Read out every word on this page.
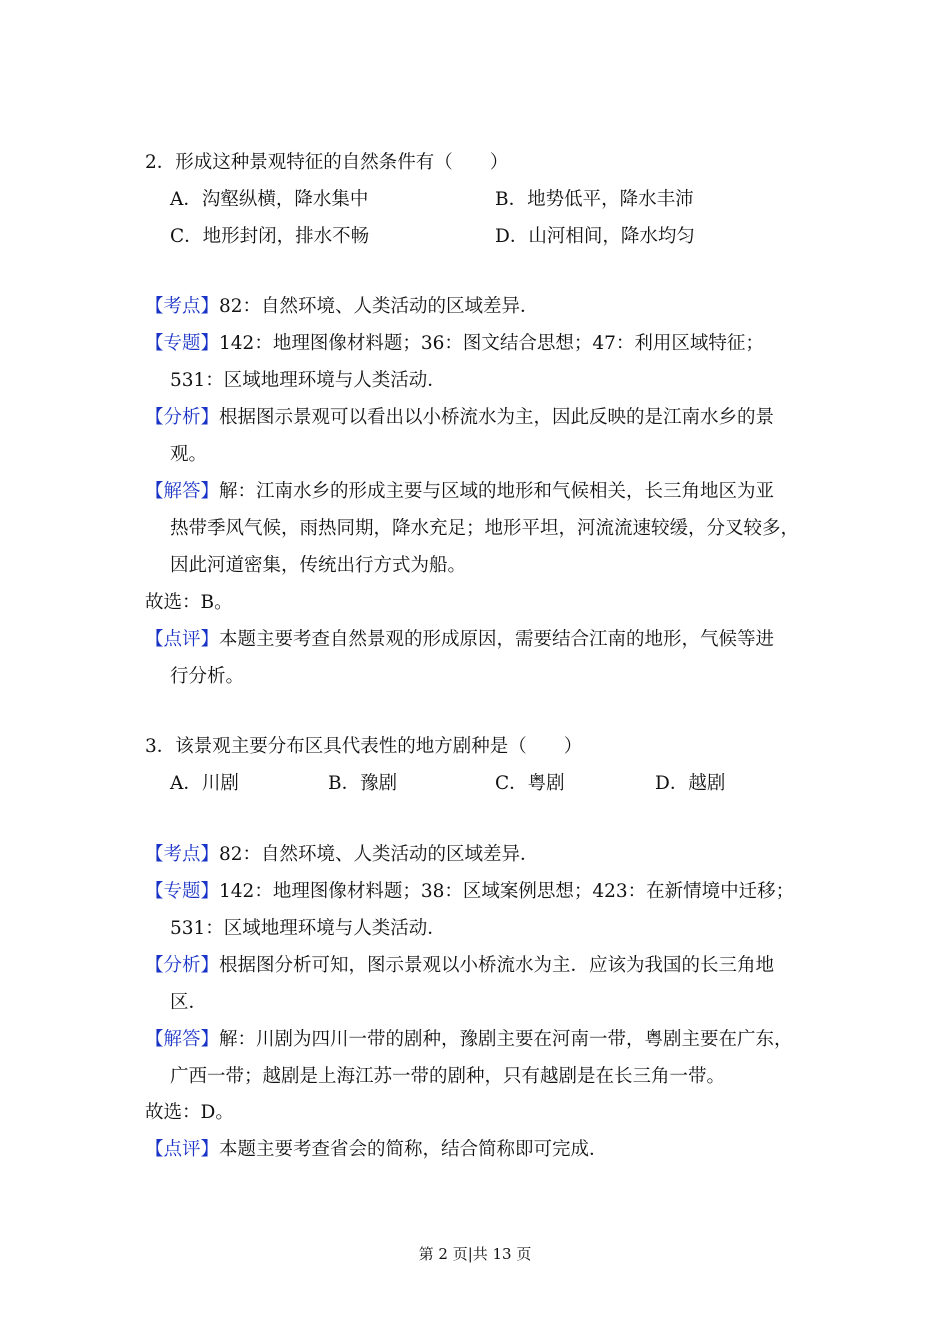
2．形成这种景观特征的自然条件有（　　）
A．沟壑纵横，降水集中	B．地势低平，降水丰沛
C．地形封闭，排水不畅	D．山河相间，降水均匀
【考点】82：自然环境、人类活动的区域差异．
【专题】142：地理图像材料题；36：图文结合思想；47：利用区域特征；
531：区域地理环境与人类活动．
【分析】根据图示景观可以看出以小桥流水为主，因此反映的是江南水乡的景
观。
【解答】解：江南水乡的形成主要与区域的地形和气候相关，长三角地区为亚
热带季风气候，雨热同期，降水充足；地形平坦，河流流速较缓，分叉较多，
因此河道密集，传统出行方式为船。
故选：B。
【点评】本题主要考查自然景观的形成原因，需要结合江南的地形，气候等进
行分析。
3．该景观主要分布区具代表性的地方剧种是（　　）
A．川剧	B．豫剧	C．粤剧	D．越剧
【考点】82：自然环境、人类活动的区域差异．
【专题】142：地理图像材料题；38：区域案例思想；423：在新情境中迁移；
531：区域地理环境与人类活动．
【分析】根据图分析可知，图示景观以小桥流水为主．应该为我国的长三角地
区．
【解答】解：川剧为四川一带的剧种，豫剧主要在河南一带，粤剧主要在广东，
广西一带；越剧是上海江苏一带的剧种，只有越剧是在长三角一带。
故选：D。
【点评】本题主要考查省会的简称，结合简称即可完成．
第 2 页|共 13 页
